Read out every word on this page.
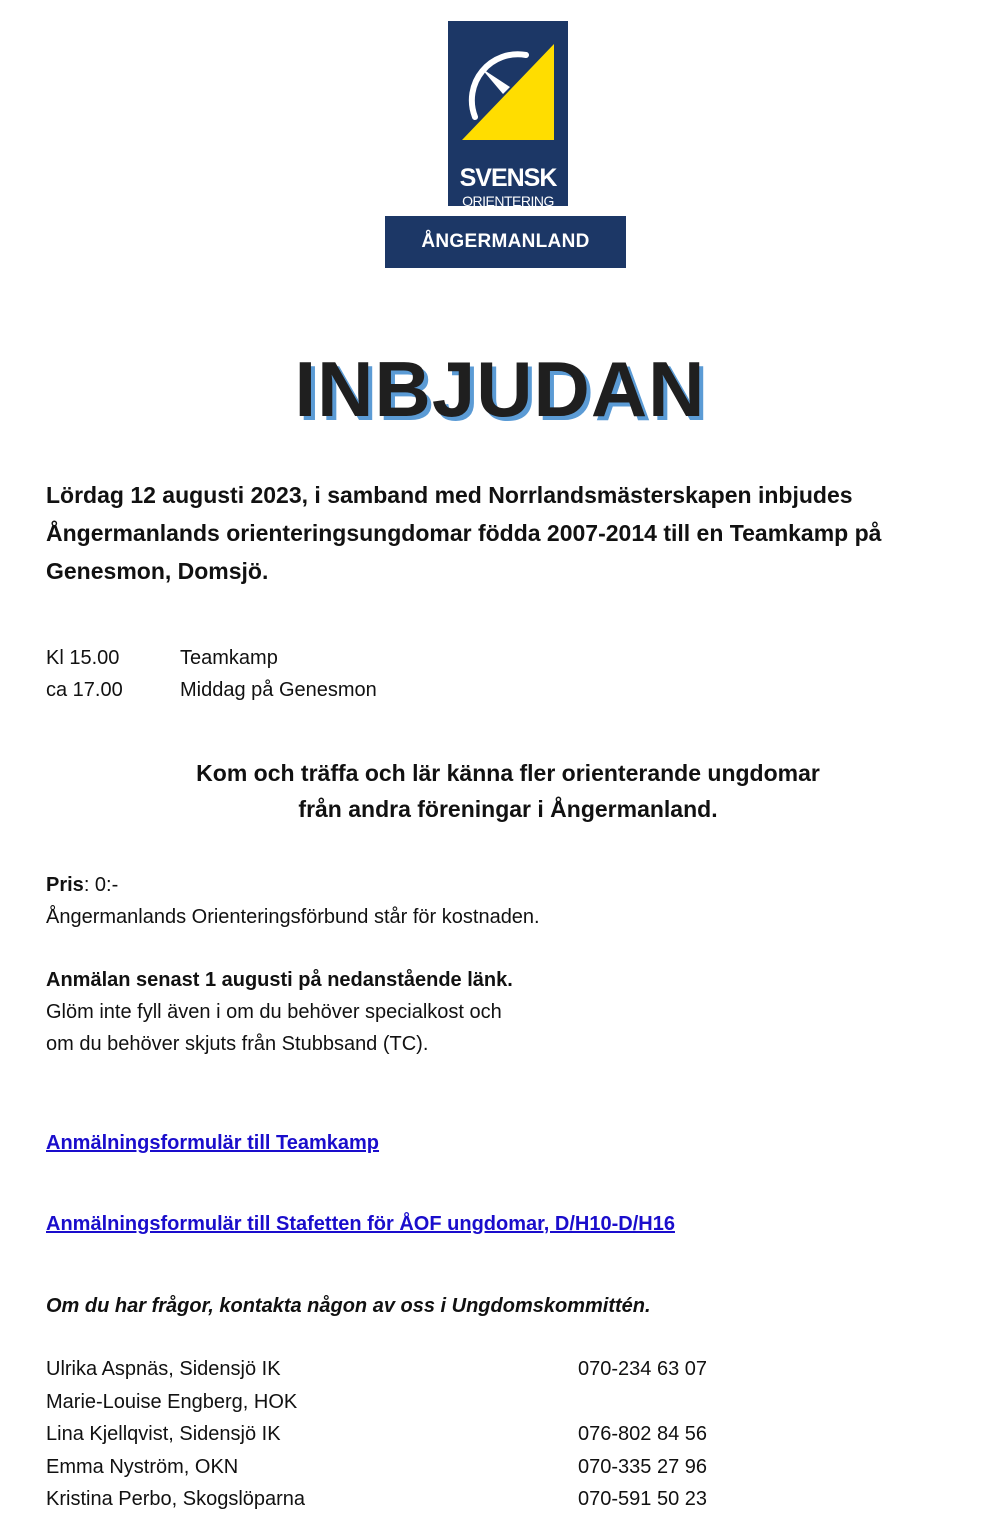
SVENSK
ORIENTERING
ÅNGERMANLAND
INBJUDAN
Lördag 12 augusti 2023, i samband med Norrlandsmästerskapen inbjudes Ångermanlands orienteringsungdomar födda 2007-2014 till en Teamkamp på Genesmon, Domsjö.
Kl 15.00	Teamkamp
ca 17.00	Middag på Genesmon
Kom och träffa och lär känna fler orienterande ungdomar
från andra föreningar i Ångermanland.
Pris: 0:-
Ångermanlands Orienteringsförbund står för kostnaden.
Anmälan senast 1 augusti på nedanstående länk.
Glöm inte fyll även i om du behöver specialkost och
om du behöver skjuts från Stubbsand (TC).
Anmälningsformulär till Teamkamp
Anmälningsformulär till Stafetten för ÅOF ungdomar, D/H10-D/H16
Om du har frågor, kontakta någon av oss i Ungdomskommittén.
Ulrika Aspnäs, Sidensjö IK	070-234 63 07
Marie-Louise Engberg, HOK
Lina Kjellqvist, Sidensjö IK	076-802 84 56
Emma Nyström, OKN	070-335 27 96
Kristina Perbo, Skogslöparna	070-591 50 23
